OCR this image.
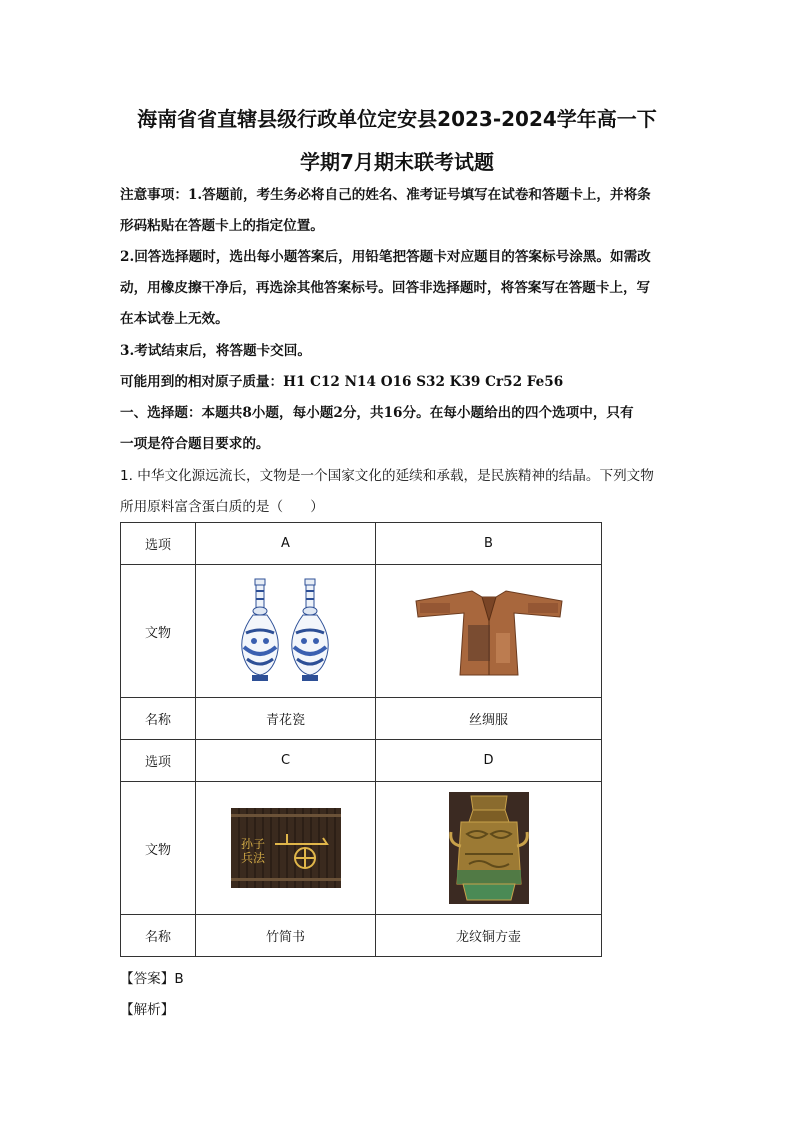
海南省省直辖县级行政单位定安县2023-2024学年高一下
学期7月期末联考试题
注意事项：1.答题前，考生务必将自己的姓名、准考证号填写在试卷和答题卡上，并将条
形码粘贴在答题卡上的指定位置。
2.回答选择题时，选出每小题答案后，用铅笔把答题卡对应题目的答案标号涂黑。如需改
动，用橡皮擦干净后，再选涂其他答案标号。回答非选择题时，将答案写在答题卡上，写
在本试卷上无效。
3.考试结束后，将答题卡交回。
可能用到的相对原子质量：H1 C12 N14 O16 S32 K39 Cr52 Fe56
一、选择题：本题共8小题，每小题2分，共16分。在每小题给出的四个选项中，只有
一项是符合题目要求的。
1. 中华文化源远流长，文物是一个国家文化的延续和承载，是民族精神的结晶。下列文物
所用原料富含蛋白质的是（　　）
选项	A	B
文物		
名称	青花瓷	丝绸服
选项	C	D
文物	孙子兵法

名称	竹简书	龙纹铜方壶
【答案】B
【解析】
